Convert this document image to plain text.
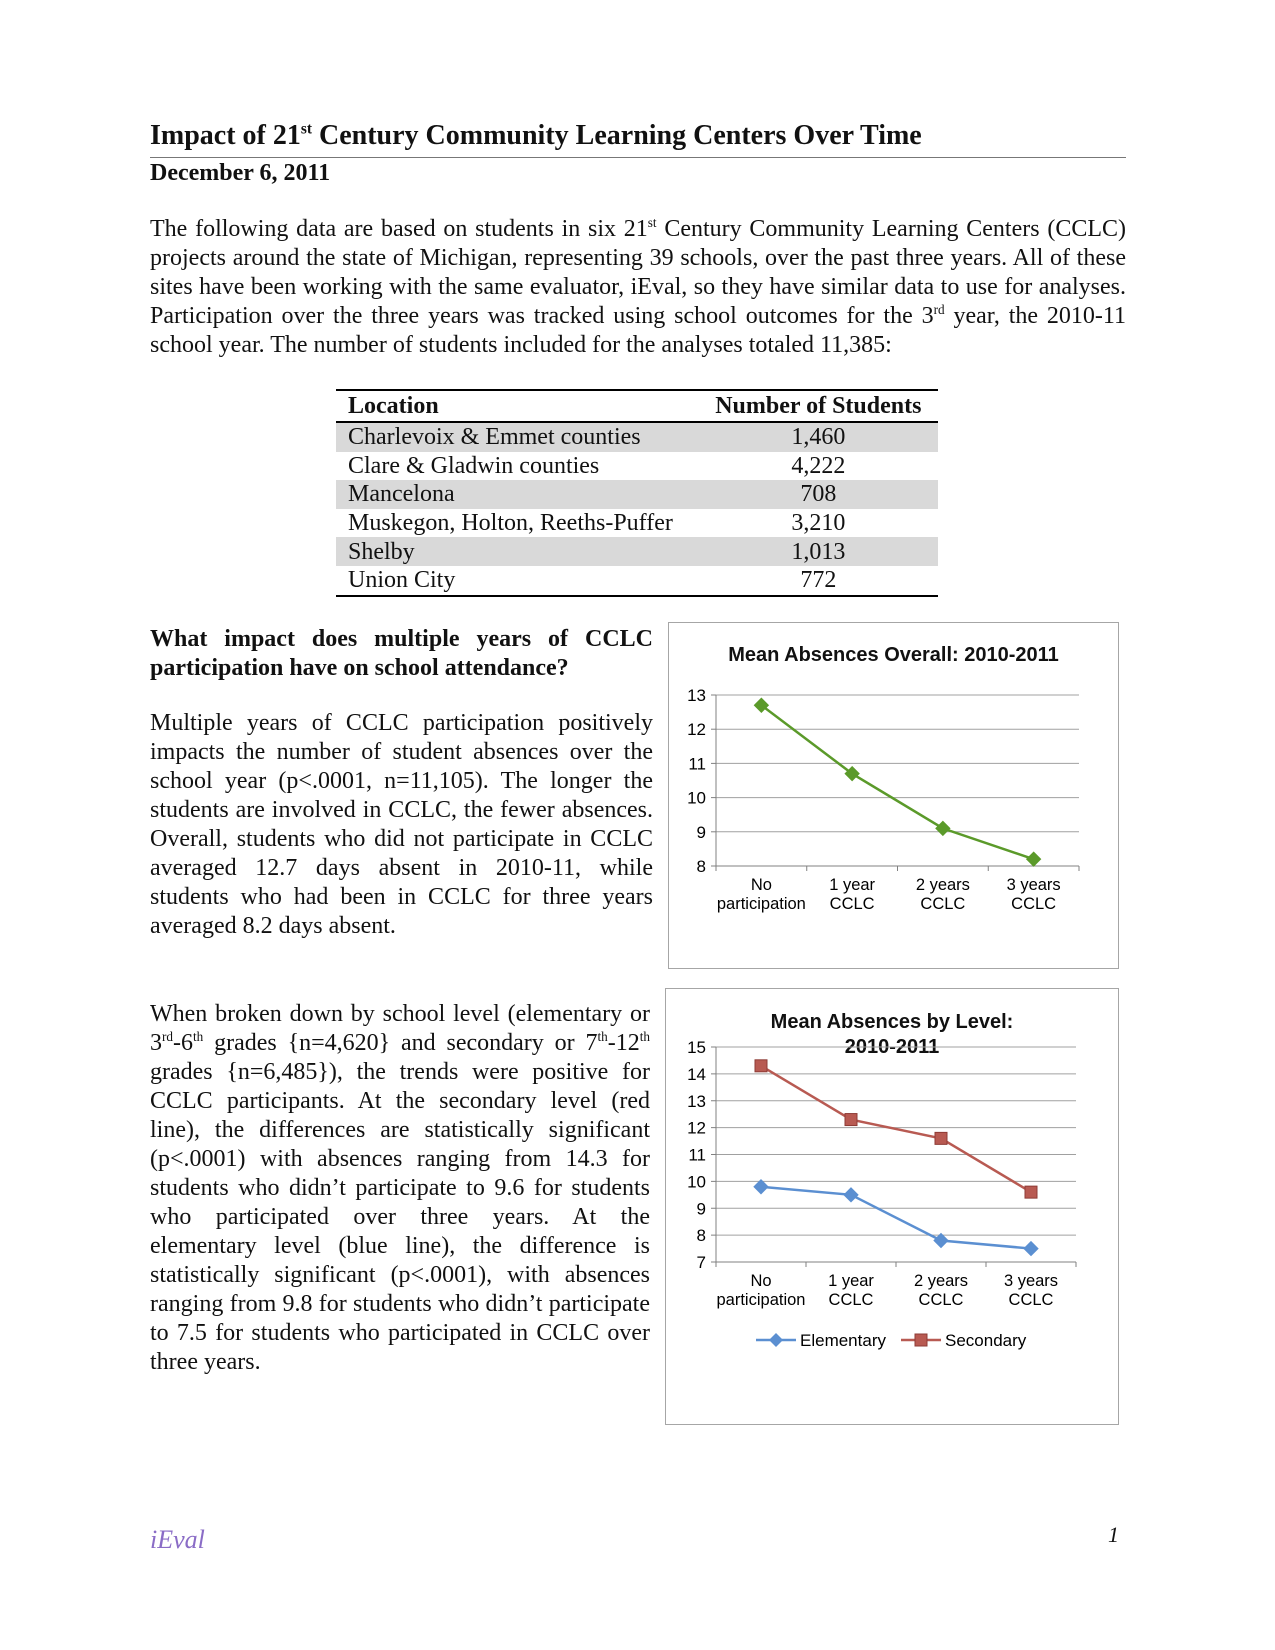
Impact of 21st Century Community Learning Centers Over Time
December 6, 2011
The following data are based on students in six 21st Century Community Learning Centers (CCLC) projects around the state of Michigan, representing 39 schools, over the past three years. All of these sites have been working with the same evaluator, iEval, so they have similar data to use for analyses. Participation over the three years was tracked using school outcomes for the 3rd year, the 2010-11 school year. The number of students included for the analyses totaled 11,385:
Location	Number of Students
Charlevoix & Emmet counties	1,460
Clare & Gladwin counties	4,222
Mancelona	708
Muskegon, Holton, Reeths-Puffer	3,210
Shelby	1,013
Union City	772
What impact does multiple years of CCLC participation have on school attendance?
Multiple years of CCLC participation positively impacts the number of student absences over the school year (p<.0001, n=11,105). The longer the students are involved in CCLC, the fewer absences. Overall, students who did not participate in CCLC averaged 12.7 days absent in 2010-11, while students who had been in CCLC for three years averaged 8.2 days absent.
When broken down by school level (elementary or 3rd-6th grades {n=4,620} and secondary or 7th-12th grades {n=6,485}), the trends were positive for CCLC participants. At the secondary level (red line), the differences are statistically significant (p<.0001) with absences ranging from 14.3 for students who didn’t participate to 9.6 for students who participated over three years. At the elementary level (blue line), the difference is statistically significant (p<.0001), with absences ranging from 9.8 for students who didn’t participate to 7.5 for students who participated in CCLC over three years.
Mean Absences Overall: 2010-2011
8
9
10
11
12
13
No
participation
1 year
CCLC
2 years
CCLC
3 years
CCLC
Mean Absences by Level:
2010-2011
7
8
9
10
11
12
13
14
15
No
participation
1 year
CCLC
2 years
CCLC
3 years
CCLC
Elementary	Secondary
iEval	1
